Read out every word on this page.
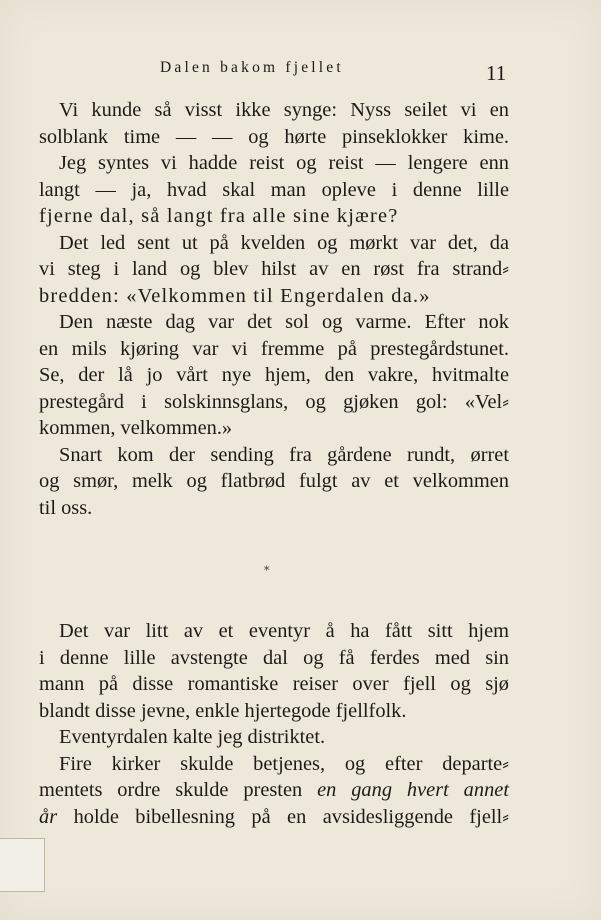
Dalen bakom fjellet	11
Vi kunde så visst ikke synge: Nyss seilet vi en
solblank time — — og hørte pinseklokker kime.
Jeg syntes vi hadde reist og reist — lengere enn
langt — ja, hvad skal man opleve i denne lille
fjerne dal, så langt fra alle sine kjære?
Det led sent ut på kvelden og mørkt var det, da
vi steg i land og blev hilst av en røst fra strand⸗
bredden: «Velkommen til Engerdalen da.»
Den næste dag var det sol og varme. Efter nok
en mils kjøring var vi fremme på prestegårdstunet.
Se, der lå jo vårt nye hjem, den vakre, hvitmalte
prestegård i solskinnsglans, og gjøken gol: «Vel⸗
kommen, velkommen.»
Snart kom der sending fra gårdene rundt, ørret
og smør, melk og flatbrød fulgt av et velkommen
til oss.
*
Det var litt av et eventyr å ha fått sitt hjem
i denne lille avstengte dal og få ferdes med sin
mann på disse romantiske reiser over fjell og sjø
blandt disse jevne, enkle hjertegode fjellfolk.
Eventyrdalen kalte jeg distriktet.
Fire kirker skulde betjenes, og efter departe⸗
mentets ordre skulde presten en gang hvert annet
år holde bibellesning på en avsidesliggende fjell⸗
